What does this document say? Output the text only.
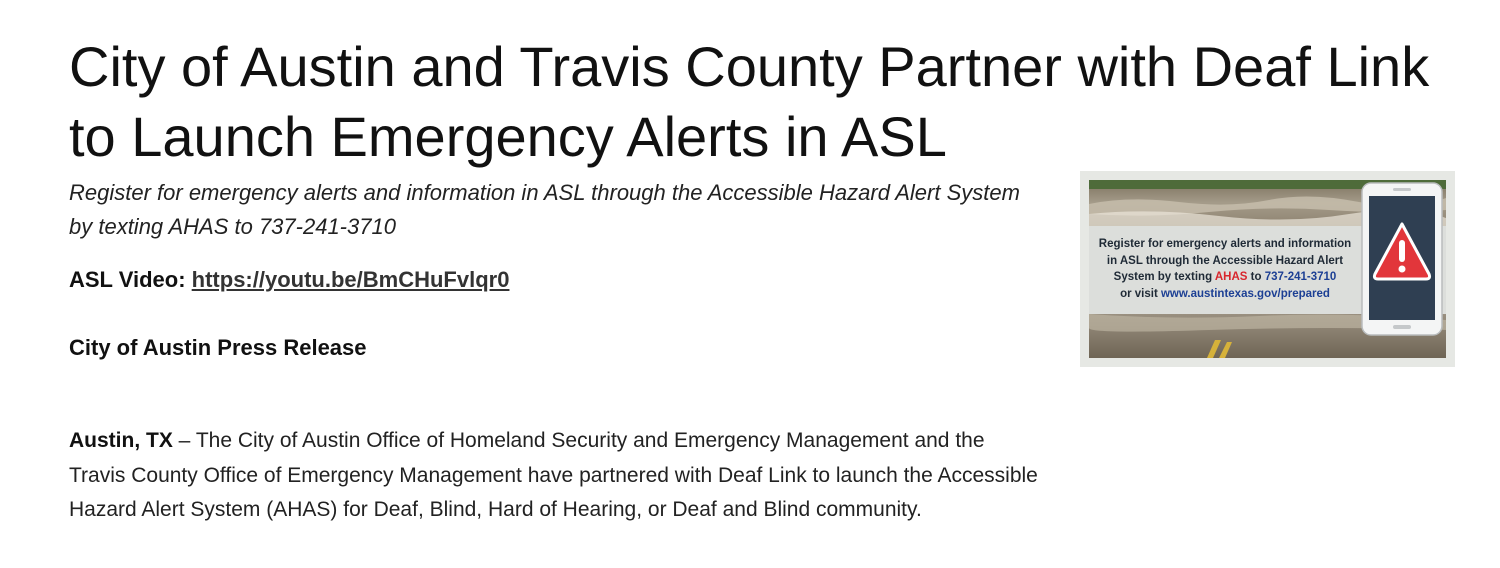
City of Austin and Travis County Partner with Deaf Link to Launch Emergency Alerts in ASL

Register for emergency alerts and information in ASL through the Accessible Hazard Alert System by texting AHAS to 737-241-3710

ASL Video: https://youtu.be/BmCHuFvlqr0

City of Austin Press Release

Austin, TX – The City of Austin Office of Homeland Security and Emergency Management and the Travis County Office of Emergency Management have partnered with Deaf Link to launch the Accessible Hazard Alert System (AHAS) for Deaf, Blind, Hard of Hearing, or Deaf and Blind community.

Register for emergency alerts and information
in ASL through the Accessible Hazard Alert
System by texting AHAS to 737-241-3710
or visit www.austintexas.gov/prepared
